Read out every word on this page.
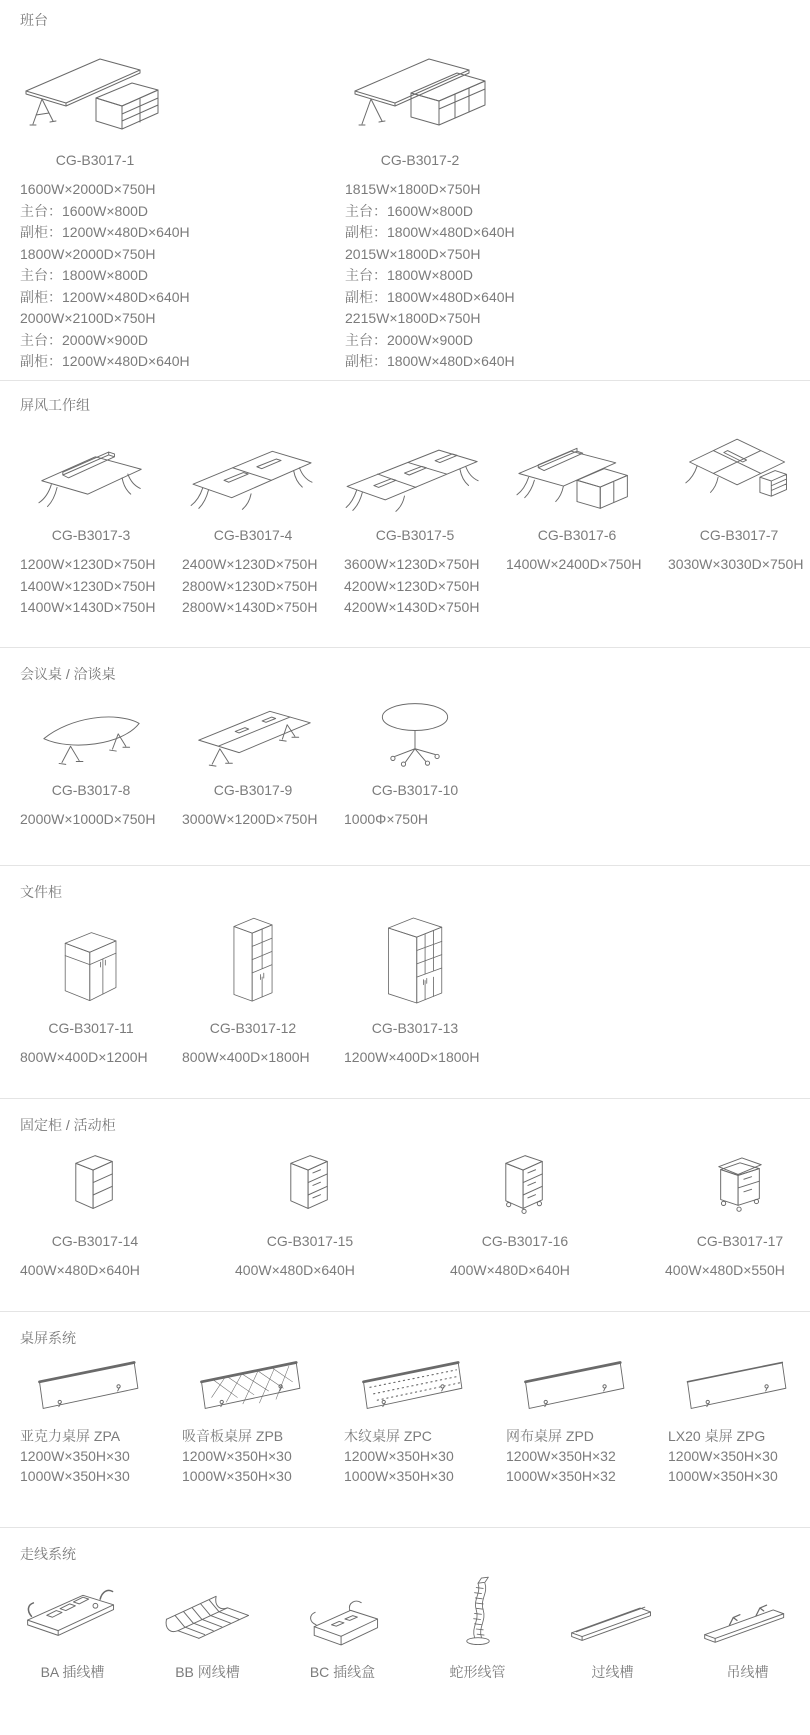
班台
CG-B3017-1
1600W×2000D×750H
主台：1600W×800D
副柜：1200W×480D×640H
1800W×2000D×750H
主台：1800W×800D
副柜：1200W×480D×640H
2000W×2100D×750H
主台：2000W×900D
副柜：1200W×480D×640H
CG-B3017-2
1815W×1800D×750H
主台：1600W×800D
副柜：1800W×480D×640H
2015W×1800D×750H
主台：1800W×800D
副柜：1800W×480D×640H
2215W×1800D×750H
主台：2000W×900D
副柜：1800W×480D×640H
屏风工作组
CG-B3017-3
1200W×1230D×750H
1400W×1230D×750H
1400W×1430D×750H
CG-B3017-4
2400W×1230D×750H
2800W×1230D×750H
2800W×1430D×750H
CG-B3017-5
3600W×1230D×750H
4200W×1230D×750H
4200W×1430D×750H
CG-B3017-6
1400W×2400D×750H
CG-B3017-7
3030W×3030D×750H
会议桌 / 洽谈桌
CG-B3017-8
2000W×1000D×750H
CG-B3017-9
3000W×1200D×750H
CG-B3017-10
1000Φ×750H
文件柜
CG-B3017-11
800W×400D×1200H
CG-B3017-12
800W×400D×1800H
CG-B3017-13
1200W×400D×1800H
固定柜 / 活动柜
CG-B3017-14
400W×480D×640H
CG-B3017-15
400W×480D×640H
CG-B3017-16
400W×480D×640H
CG-B3017-17
400W×480D×550H
桌屏系统
亚克力桌屏 ZPA
1200W×350H×30
1000W×350H×30
吸音板桌屏 ZPB
1200W×350H×30
1000W×350H×30
木纹桌屏 ZPC
1200W×350H×30
1000W×350H×30
网布桌屏 ZPD
1200W×350H×32
1000W×350H×32
LX20 桌屏 ZPG
1200W×350H×30
1000W×350H×30
走线系统
BA 插线槽	BB 网线槽	BC 插线盒	蛇形线管	过线槽	吊线槽
